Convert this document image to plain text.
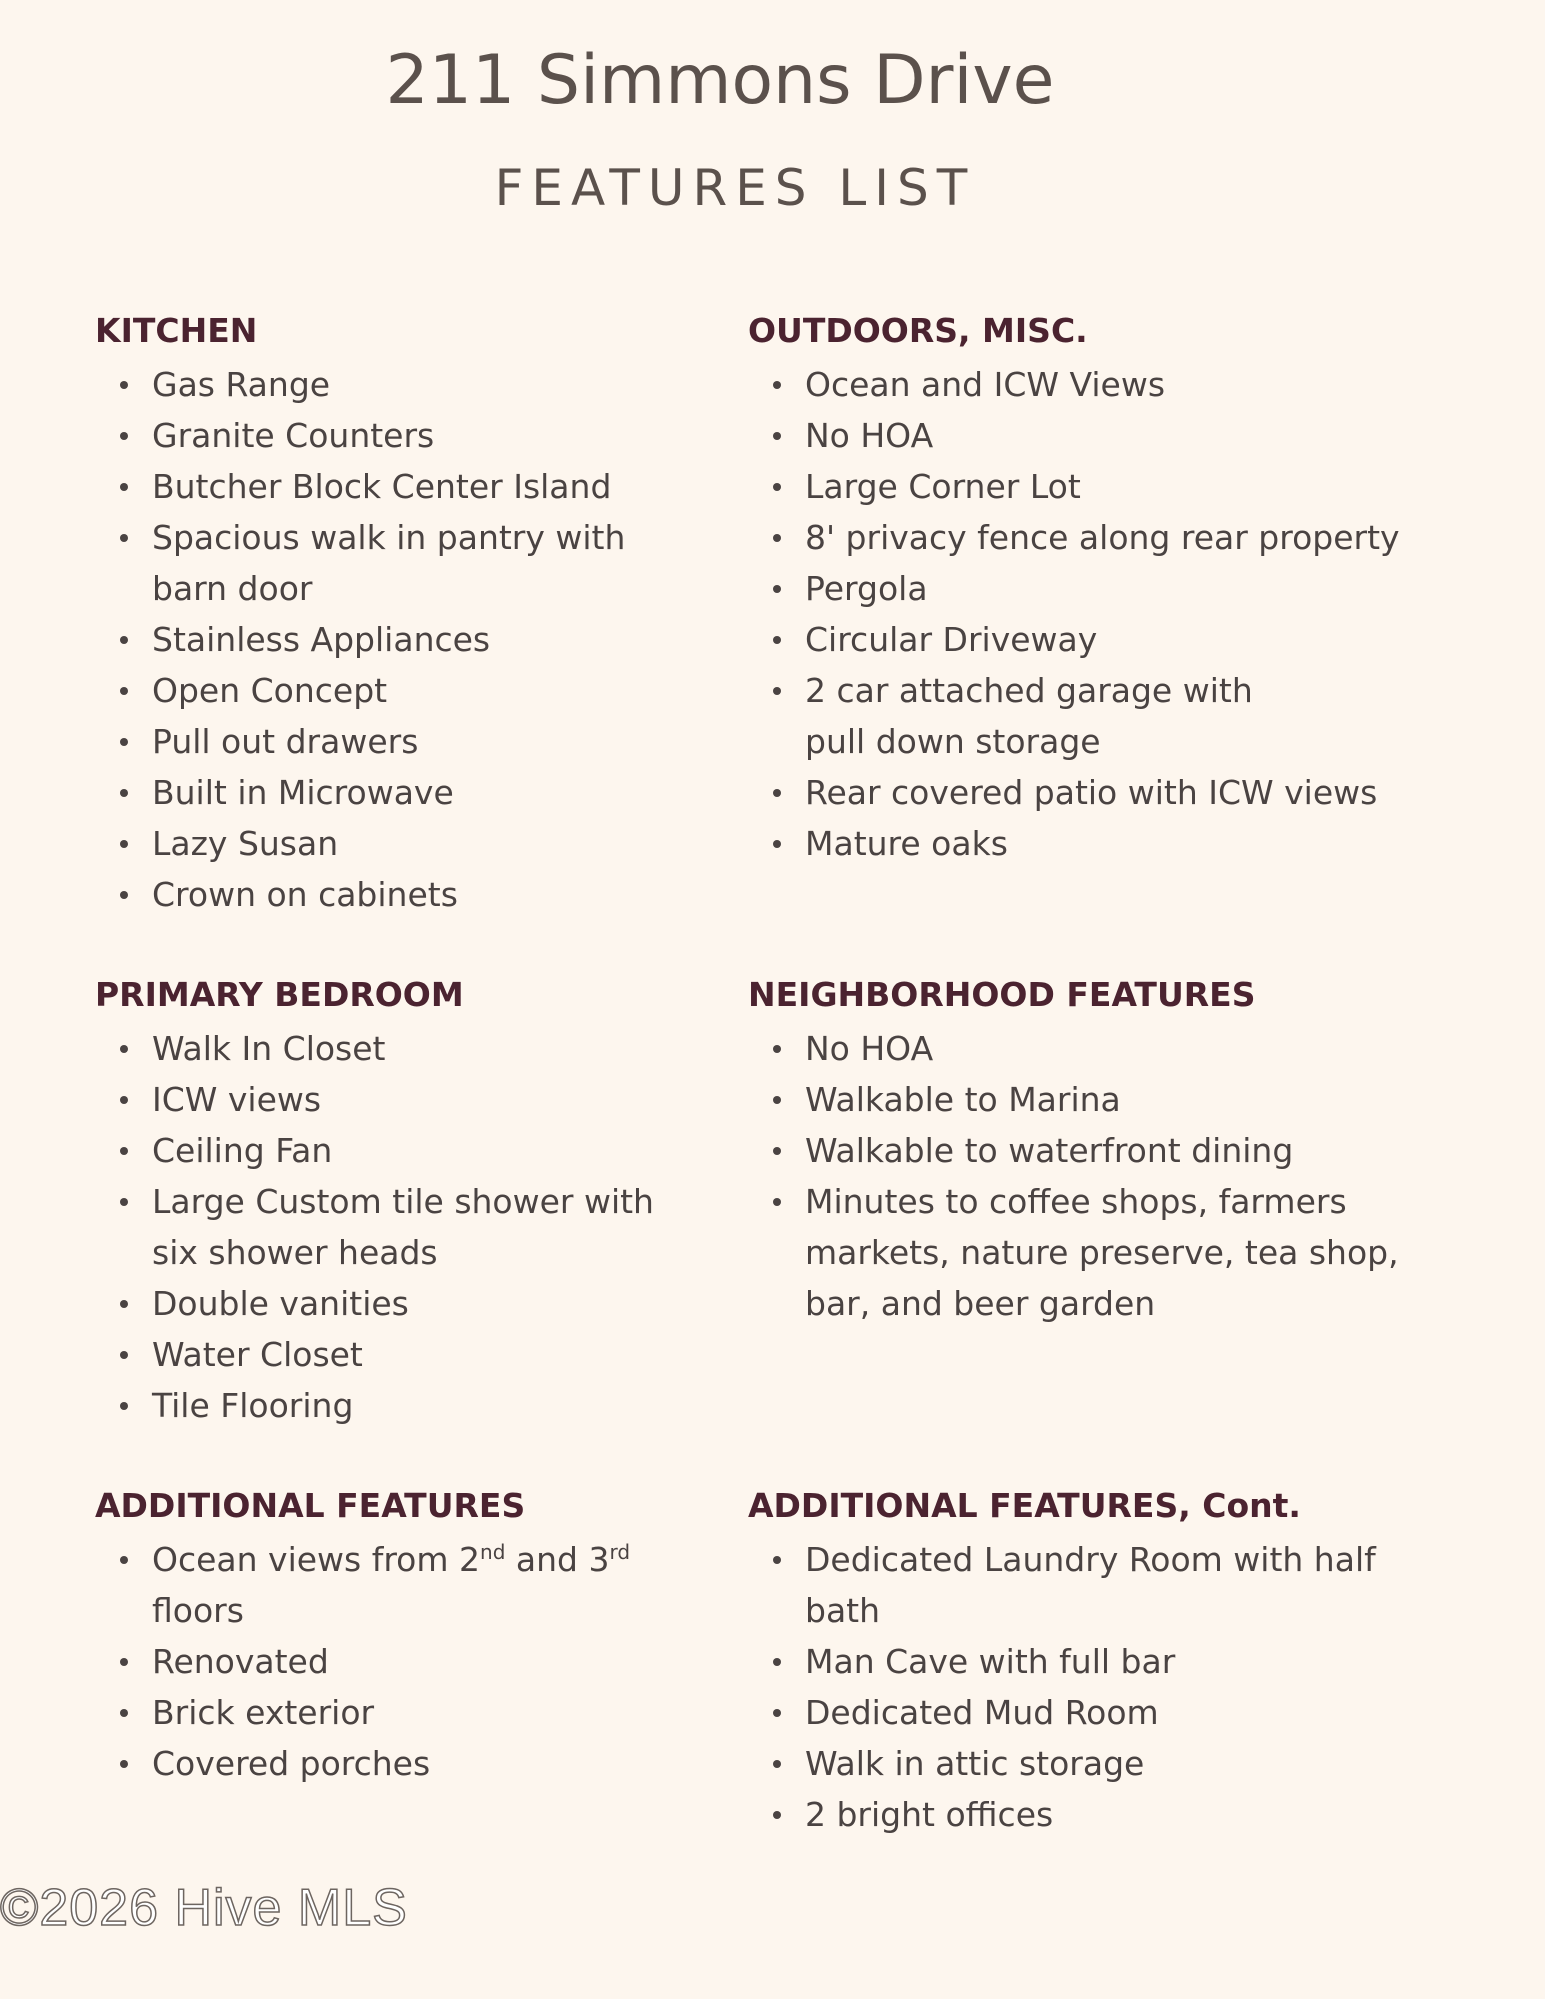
211 Simmons Drive
FEATURES LIST
KITCHEN
Gas Range
Granite Counters
Butcher Block Center Island
Spacious walk in pantry with barn door
Stainless Appliances
Open Concept
Pull out drawers
Built in Microwave
Lazy Susan
Crown on cabinets
OUTDOORS, MISC.
Ocean and ICW Views
No HOA
Large Corner Lot
8' privacy fence along rear property
Pergola
Circular Driveway
2 car attached garage with pull down storage
Rear covered patio with ICW views
Mature oaks
PRIMARY BEDROOM
Walk In Closet
ICW views
Ceiling Fan
Large Custom tile shower with six shower heads
Double vanities
Water Closet
Tile Flooring
NEIGHBORHOOD FEATURES
No HOA
Walkable to Marina
Walkable to waterfront dining
Minutes to coffee shops, farmers markets, nature preserve, tea shop, bar, and beer garden
ADDITIONAL FEATURES
Ocean views from 2nd and 3rd floors
Renovated
Brick exterior
Covered porches
ADDITIONAL FEATURES, Cont.
Dedicated Laundry Room with half bath
Man Cave with full bar
Dedicated Mud Room
Walk in attic storage
2 bright offices
©2026 Hive MLS
